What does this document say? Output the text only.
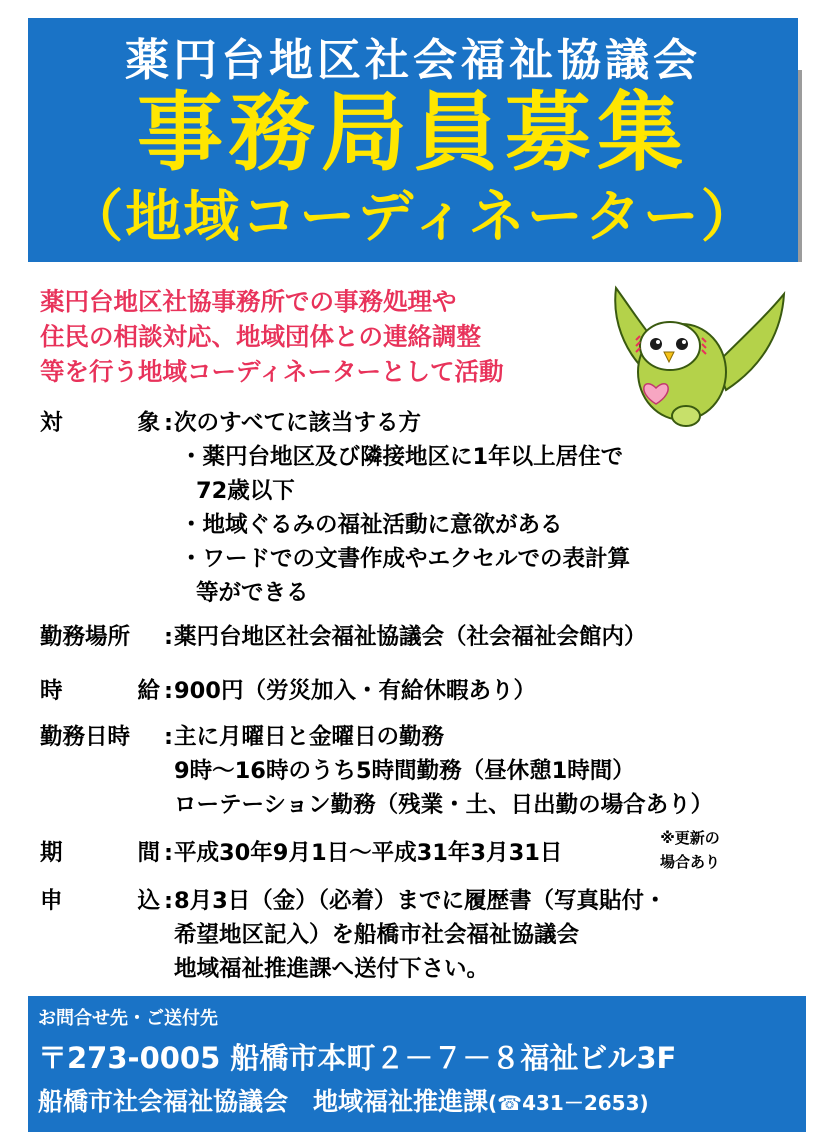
薬円台地区社会福祉協議会
事務局員募集
（地域コーディネーター）
薬円台地区社協事務所での事務処理や
住民の相談対応、地域団体との連絡調整
等を行う地域コーディネーターとして活動
対	象 : 次のすべてに該当する方
・薬円台地区及び隣接地区に1年以上居住で
72歳以下
・地域ぐるみの福祉活動に意欲がある
・ワードでの文書作成やエクセルでの表計算
等ができる
勤務場所	: 薬円台地区社会福祉協議会（社会福祉会館内）
時	給 : 900円（労災加入・有給休暇あり）
勤務日時	: 主に月曜日と金曜日の勤務
9時～16時のうち5時間勤務（昼休憩1時間）
ローテーション勤務（残業・土、日出勤の場合あり）
期	間 : 平成30年9月1日～平成31年3月31日
※更新の
場合あり
申	込 : 8月3日（金）（必着）までに履歴書（写真貼付・
希望地区記入）を船橋市社会福祉協議会
地域福祉推進課へ送付下さい。
お問合せ先・ご送付先
〒273-0005 船橋市本町２－７－８福祉ビル3F
船橋市社会福祉協議会　地域福祉推進課(☎431－2653)
